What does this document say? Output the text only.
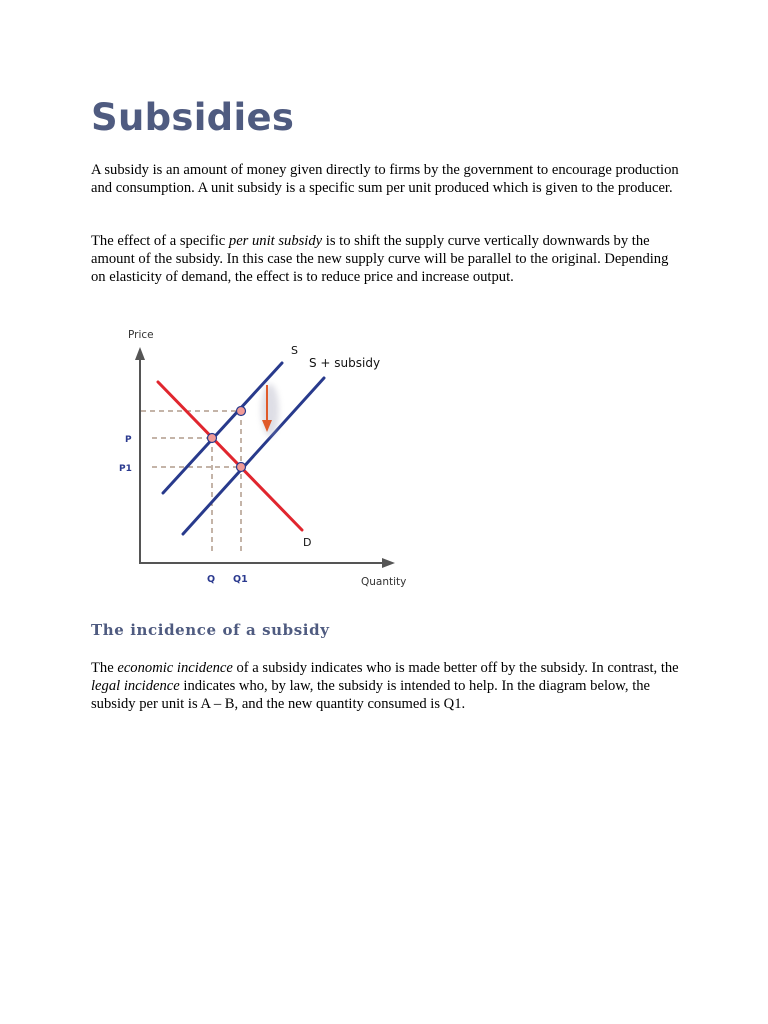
Subsidies

A subsidy is an amount of money given directly to firms by the government to encourage production and consumption. A unit subsidy is a specific sum per unit produced which is given to the producer.

The effect of a specific per unit subsidy is to shift the supply curve vertically downwards by the amount of the subsidy. In this case the new supply curve will be parallel to the original. Depending on elasticity of demand, the effect is to reduce price and increase output.

Price
Quantity
S
S + subsidy
D
P
P1
Q Q1
The incidence of a subsidy

The economic incidence of a subsidy indicates who is made better off by the subsidy. In contrast, the legal incidence indicates who, by law, the subsidy is intended to help. In the diagram below, the subsidy per unit is A – B, and the new quantity consumed is Q1.
